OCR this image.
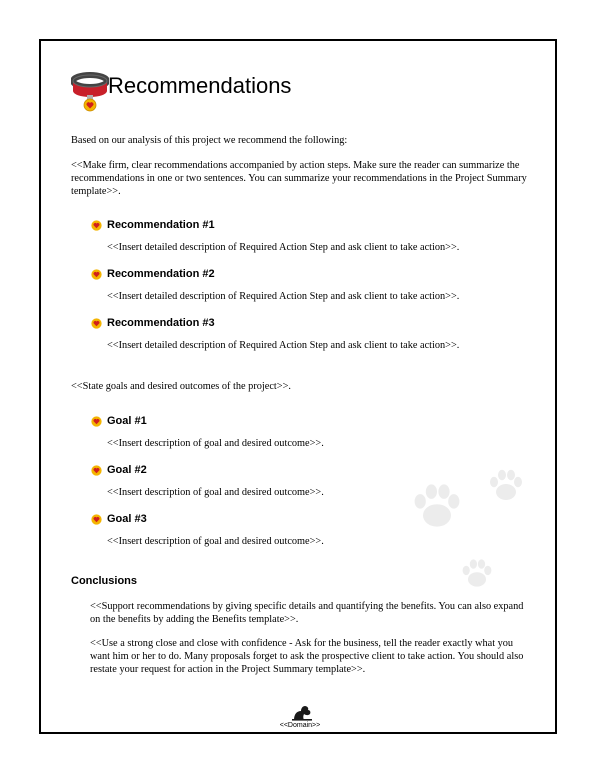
Recommendations

Based on our analysis of this project we recommend the following:

<<Make firm, clear recommendations accompanied by action steps. Make sure the reader can summarize the recommendations in one or two sentences. You can summarize your recommendations in the Project Summary template>>.

Recommendation #1
<<Insert detailed description of Required Action Step and ask client to take action>>.
Recommendation #2
<<Insert detailed description of Required Action Step and ask client to take action>>.
Recommendation #3
<<Insert detailed description of Required Action Step and ask client to take action>>.

<<State goals and desired outcomes of the project>>.

Goal #1
<<Insert description of goal and desired outcome>>.
Goal #2
<<Insert description of goal and desired outcome>>.
Goal #3
<<Insert description of goal and desired outcome>>.
Conclusions

<<Support recommendations by giving specific details and quantifying the benefits. You can also expand on the benefits by adding the Benefits template>>.

<<Use a strong close and close with confidence - Ask for the business, tell the reader exactly what you want him or her to do. Many proposals forget to ask the prospective client to take action. You should also restate your request for action in the Project Summary template>>.

<<Domain>>
